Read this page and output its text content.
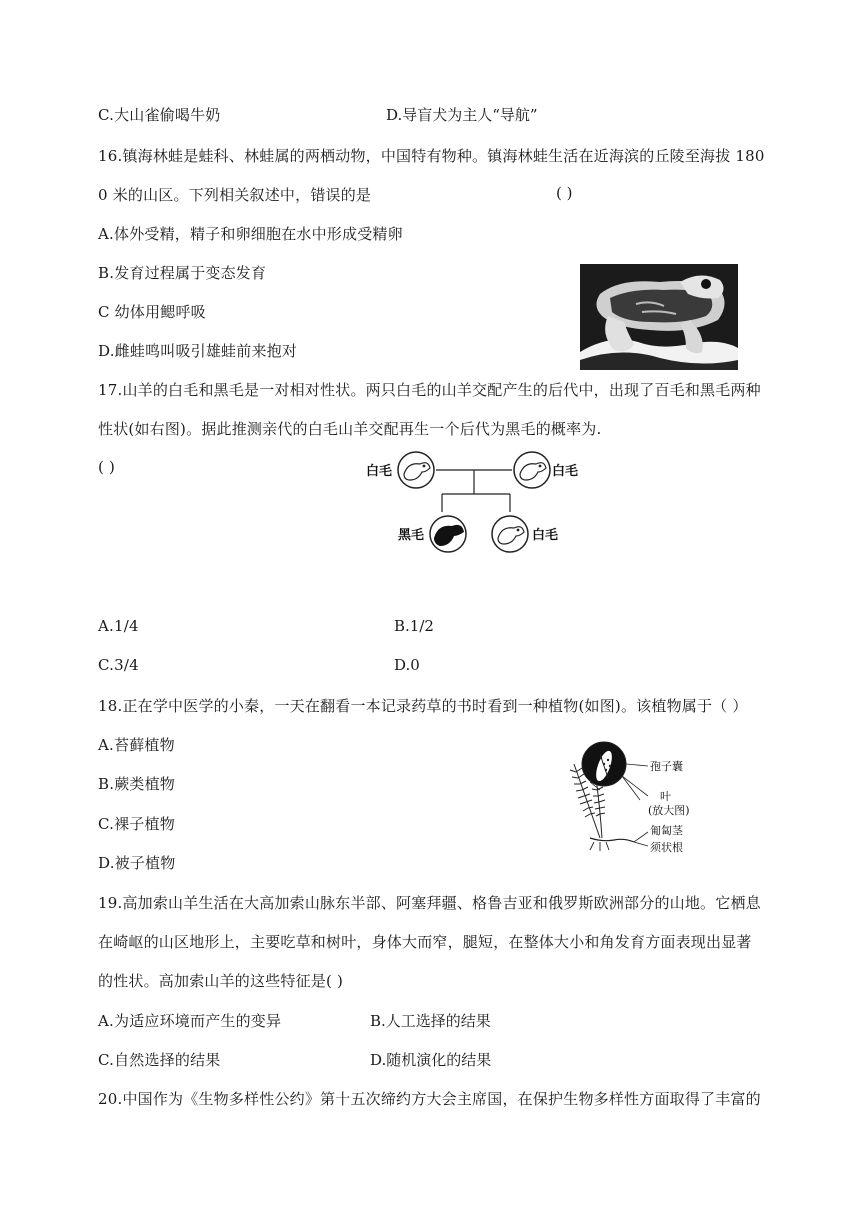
C.大山雀偷喝牛奶	D.导盲犬为主人“导航”
16.镇海林蛙是蛙科、林蛙属的两栖动物，中国特有物种。镇海林蛙生活在近海滨的丘陵至海拔 180
0 米的山区。下列相关叙述中，错误的是	( )
A.体外受精，精子和卵细胞在水中形成受精卵
B.发育过程属于变态发育
C 幼体用鳃呼吸
D.雌蛙鸣叫吸引雄蛙前来抱对
17.山羊的白毛和黑毛是一对相对性状。两只白毛的山羊交配产生的后代中，出现了百毛和黑毛两种
性状(如右图)。据此推测亲代的白毛山羊交配再生一个后代为黑毛的概率为.
( )	白毛	白毛
黑毛	白毛
A.1/4	B.1/2
C.3/4	D.0
18.正在学中医学的小秦，一天在翻看一本记录药草的书时看到一种植物(如图)。该植物属于（ ）
A.苔藓植物
B.蕨类植物
C.裸子植物
D.被子植物
孢子囊
叶
(放大图)
匍匐茎
须状根
19.高加索山羊生活在大高加索山脉东半部、阿塞拜疆、格鲁吉亚和俄罗斯欧洲部分的山地。它栖息
在崎岖的山区地形上，主要吃草和树叶，身体大而窄，腿短，在整体大小和角发育方面表现出显著
的性状。高加索山羊的这些特征是( )
A.为适应环境而产生的变异	B.人工选择的结果
C.自然选择的结果	D.随机演化的结果
20.中国作为《生物多样性公约》第十五次缔约方大会主席国，在保护生物多样性方面取得了丰富的
